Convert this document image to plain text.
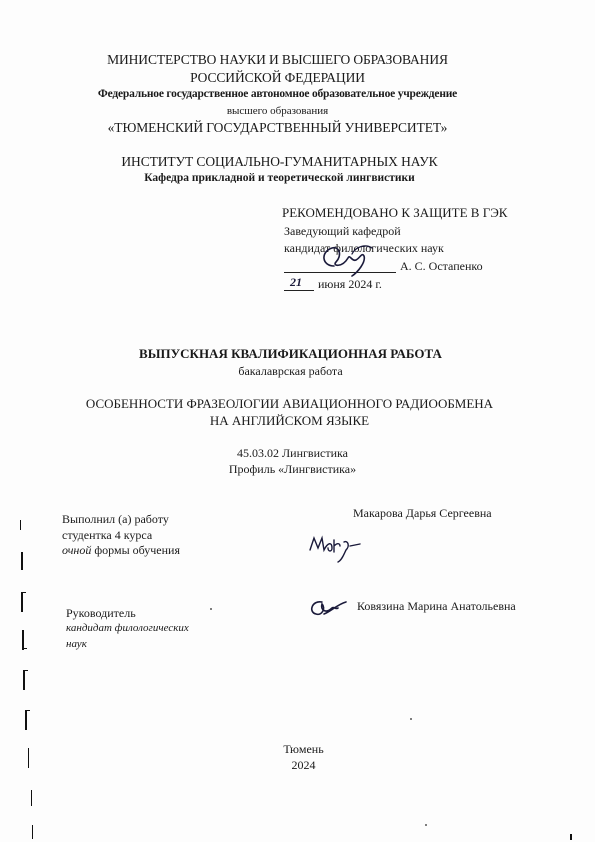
МИНИСТЕРСТВО НАУКИ И ВЫСШЕГО ОБРАЗОВАНИЯ
РОССИЙСКОЙ ФЕДЕРАЦИИ
Федеральное государственное автономное образовательное учреждение
высшего образования
«ТЮМЕНСКИЙ ГОСУДАРСТВЕННЫЙ УНИВЕРСИТЕТ»
ИНСТИТУТ СОЦИАЛЬНО-ГУМАНИТАРНЫХ НАУК
Кафедра прикладной и теоретической лингвистики
РЕКОМЕНДОВАНО К ЗАЩИТЕ В ГЭК
Заведующий кафедрой
кандидат филологических наук
А. С. Остапенко
21 июня 2024 г.
ВЫПУСКНАЯ КВАЛИФИКАЦИОННАЯ РАБОТА
бакалаврская работа
ОСОБЕННОСТИ ФРАЗЕОЛОГИИ АВИАЦИОННОГО РАДИООБМЕНА
НА АНГЛИЙСКОМ ЯЗЫКЕ
45.03.02 Лингвистика
Профиль «Лингвистика»
Выполнил (а) работу
студентка 4 курса
очной формы обучения
Макарова Дарья Сергеевна
Руководитель
кандидат филологических
наук
Ковязина Марина Анатольевна
Тюмень
2024
